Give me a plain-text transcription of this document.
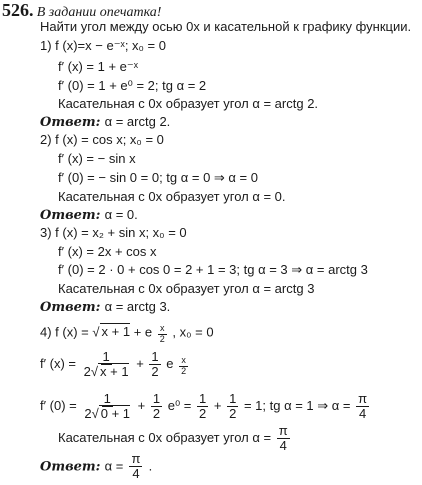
526. В задании опечатка!
Найти угол между осью 0x и касательной к графику функции.
1) f (x)=x − e⁻ˣ; x₀ = 0
f′ (x) = 1 + e⁻ˣ
f′ (0) = 1 + e⁰ = 2; tg α = 2
Касательная с 0x образует угол α = arctg 2.
Ответ: α = arctg 2.
2) f (x) = cos x; x₀ = 0
f′ (x) = − sin x
f′ (0) = − sin 0 = 0; tg α = 0 ⇒ α = 0
Касательная с 0x образует угол α = 0.
Ответ: α = 0.
3) f (x) = x₂ + sin x; x₀ = 0
f′ (x) = 2x + cos x
f′ (0) = 2 · 0 + cos 0 = 2 + 1 = 3; tg α = 3 ⇒ α = arctg 3
Касательная с 0x образует угол α = arctg 3
Ответ: α = arctg 3.
4) f (x) = √ x + 1 + e $\frac{x}{2}$ , x₀ = 0
f′ $(x) = \frac{1}{2√ x + 1} + \frac{1}{2}$ e $\frac{x}{2}$
f′ $(0) = \frac{1}{2√ 0 + 1} + \frac{1}{2} e^0 = \frac{1}{2} + \frac{1}{2} = 1$; tg α = 1 ⇒ $\alpha = \frac{\pi}{4}$
Касательная с 0x образует угол $\alpha = \frac{\pi}{4}$
Ответ: $\alpha = \frac{\pi}{4}$ .
